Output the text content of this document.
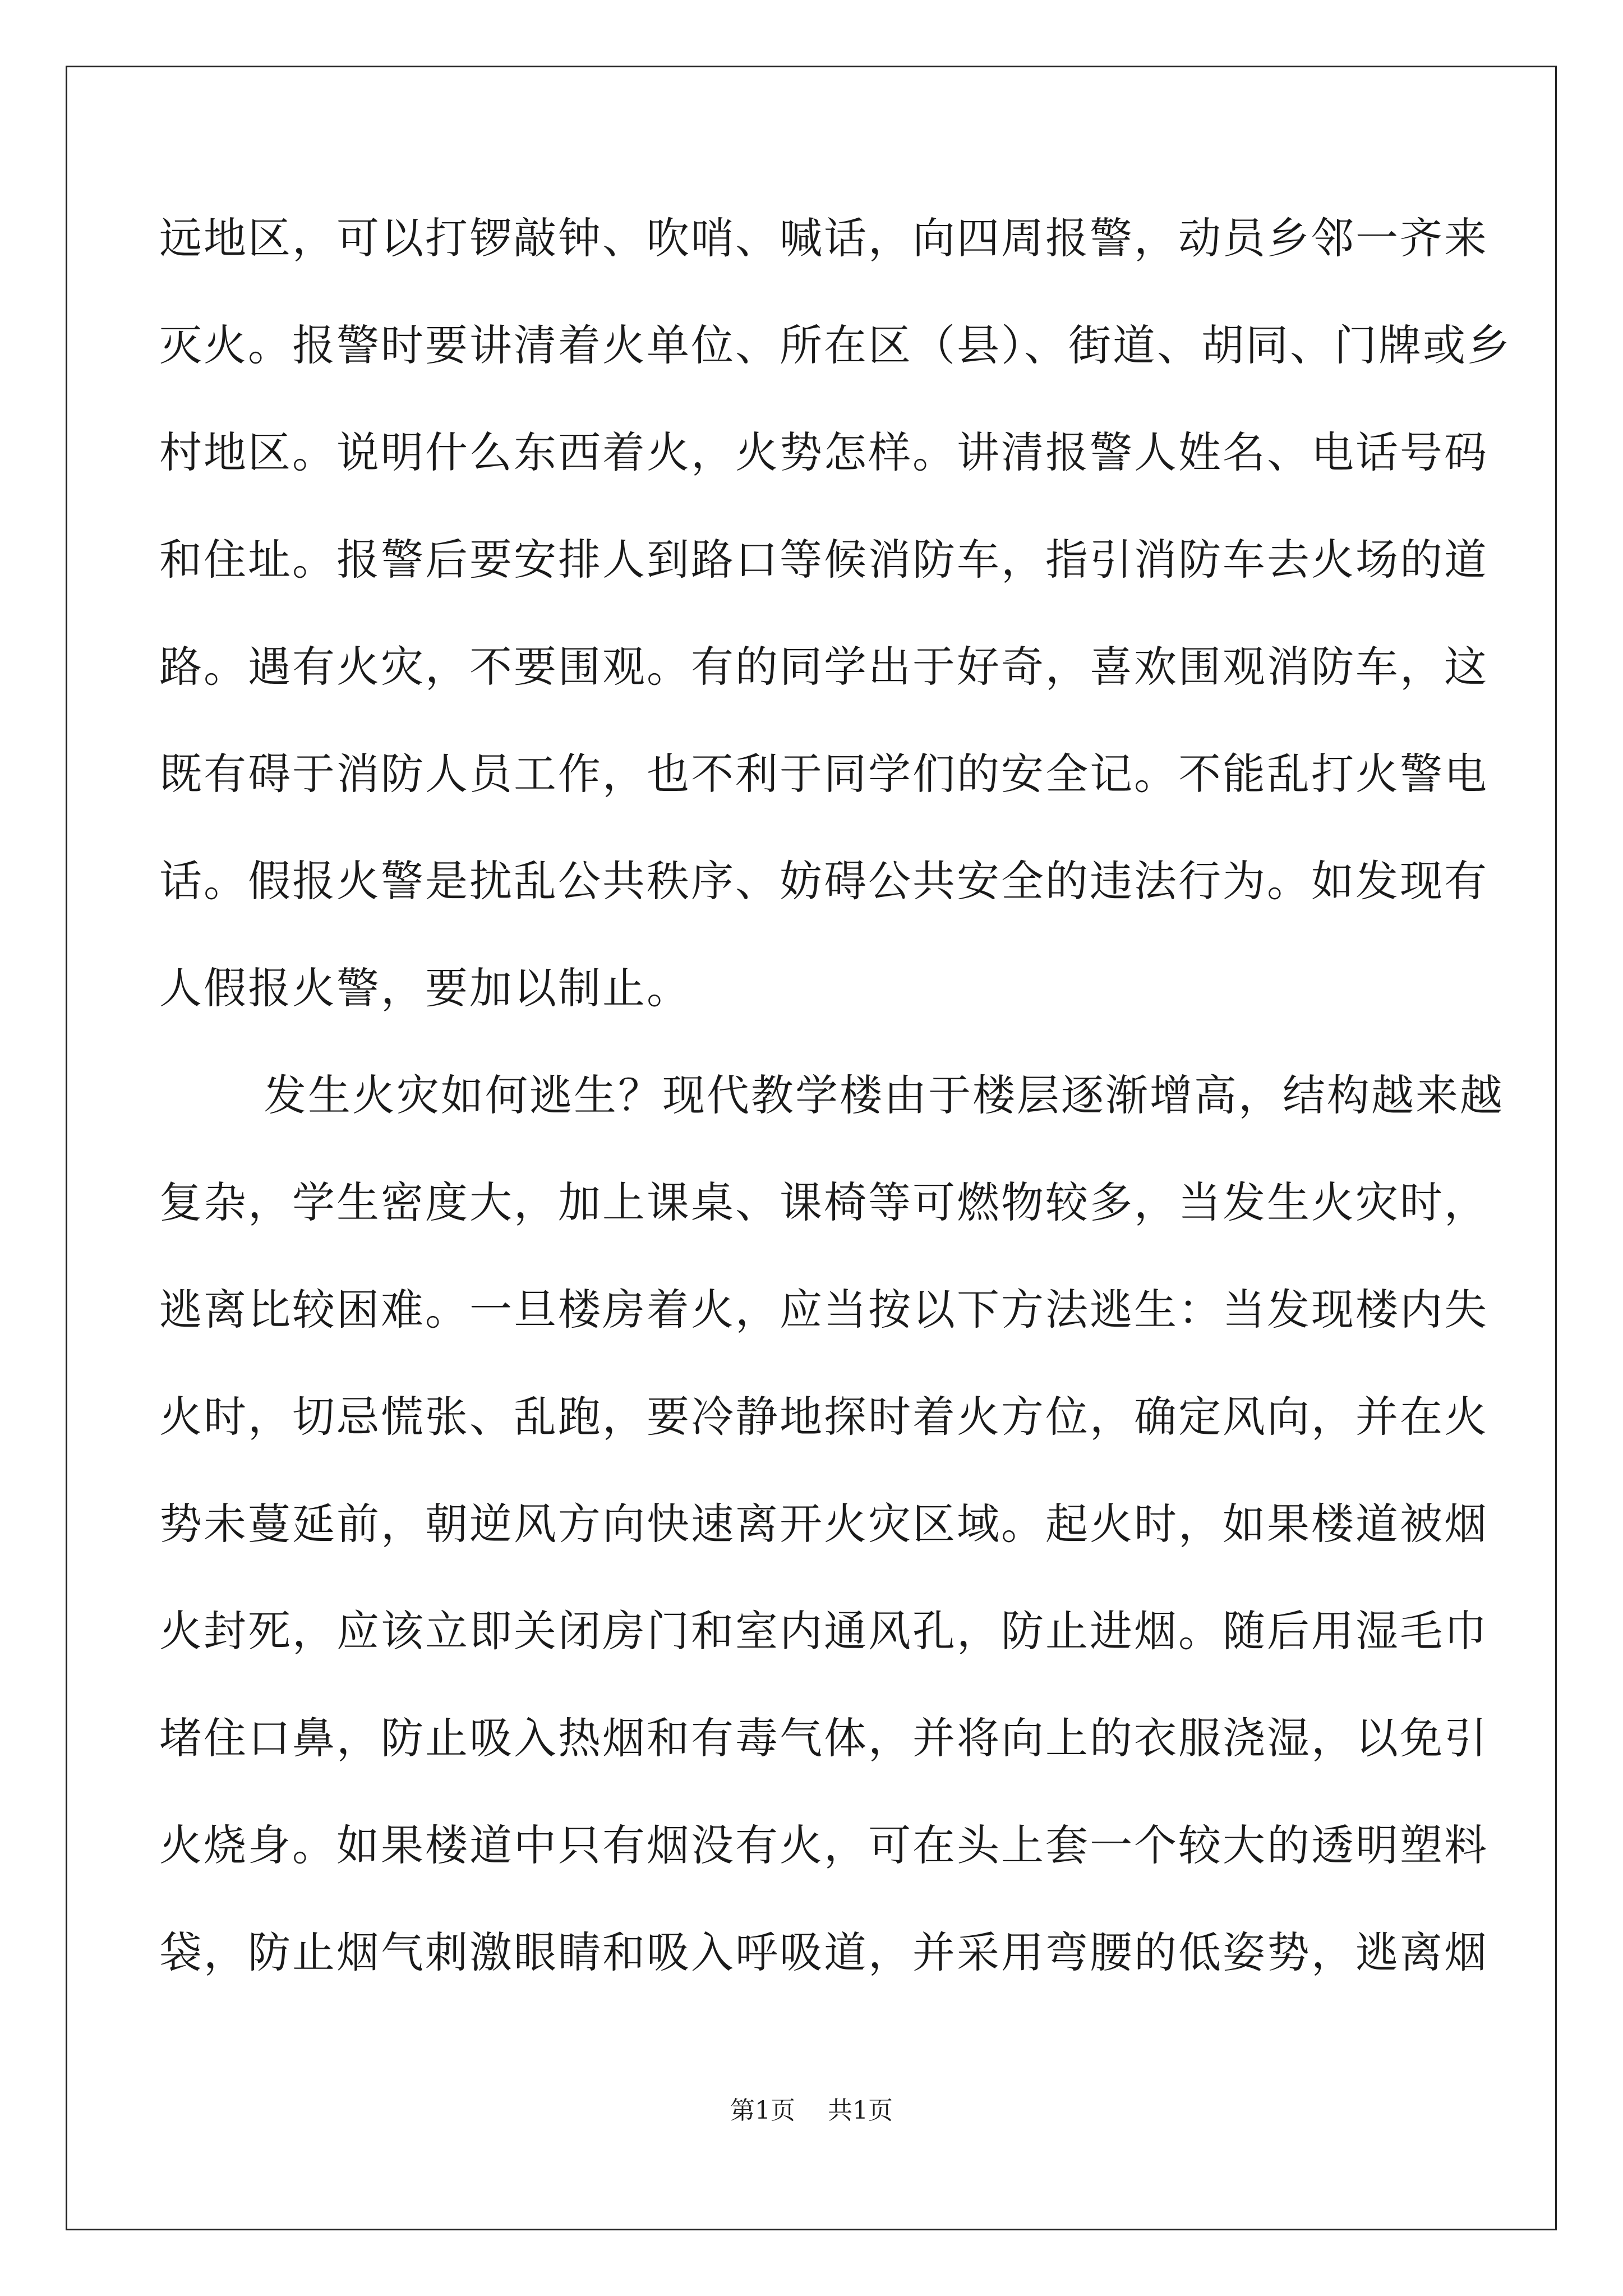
远地区，可以打锣敲钟、吹哨、喊话，向四周报警，动员乡邻一齐来
灭火。报警时要讲清着火单位、所在区（县）、街道、胡同、门牌或乡
村地区。说明什么东西着火，火势怎样。讲清报警人姓名、电话号码
和住址。报警后要安排人到路口等候消防车，指引消防车去火场的道
路。遇有火灾，不要围观。有的同学出于好奇，喜欢围观消防车，这
既有碍于消防人员工作，也不利于同学们的安全记。不能乱打火警电
话。假报火警是扰乱公共秩序、妨碍公共安全的违法行为。如发现有
人假报火警，要加以制止。
发生火灾如何逃生？现代教学楼由于楼层逐渐增高，结构越来越
复杂，学生密度大，加上课桌、课椅等可燃物较多，当发生火灾时，
逃离比较困难。一旦楼房着火，应当按以下方法逃生：当发现楼内失
火时，切忌慌张、乱跑，要冷静地探时着火方位，确定风向，并在火
势未蔓延前，朝逆风方向快速离开火灾区域。起火时，如果楼道被烟
火封死，应该立即关闭房门和室内通风孔，防止进烟。随后用湿毛巾
堵住口鼻，防止吸入热烟和有毒气体，并将向上的衣服浇湿，以免引
火烧身。如果楼道中只有烟没有火，可在头上套一个较大的透明塑料
袋，防止烟气刺激眼睛和吸入呼吸道，并采用弯腰的低姿势，逃离烟
第1页 共1页
